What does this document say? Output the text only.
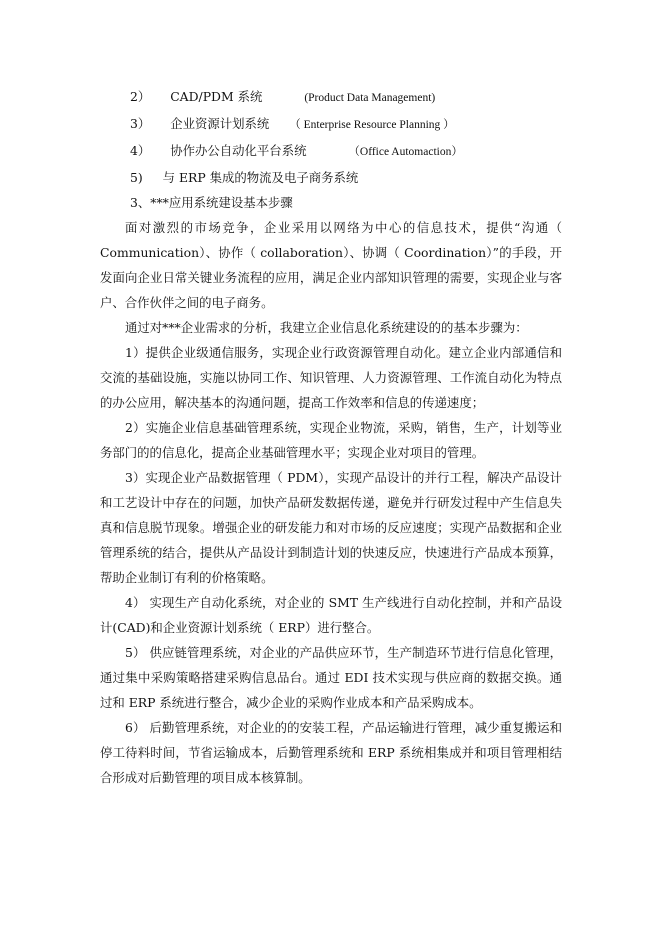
2） CAD/PDM 系统	(Product Data Management)

3） 企业资源计划系统 （ Enterprise Resource Planning ）

4） 协作办公自动化平台系统	（Office Automaction）

5) 与 ERP 集成的物流及电子商务系统

3、***应用系统建设基本步骤

面对激烈的市场竞争，企业采用以网络为中心的信息技术，提供“沟通（ Communication）、协作（ collaboration）、协调（ Coordination）”的手段，开发面向企业日常关键业务流程的应用，满足企业内部知识管理的需要，实现企业与客户、合作伙伴之间的电子商务。

通过对***企业需求的分析，我建立企业信息化系统建设的的基本步骤为：

1）提供企业级通信服务，实现企业行政资源管理自动化。建立企业内部通信和交流的基础设施，实施以协同工作、知识管理、人力资源管理、工作流自动化为特点的办公应用，解决基本的沟通问题，提高工作效率和信息的传递速度；

2）实施企业信息基础管理系统，实现企业物流，采购，销售，生产，计划等业务部门的的信息化，提高企业基础管理水平；实现企业对项目的管理。

3）实现企业产品数据管理（ PDM），实现产品设计的并行工程，解决产品设计和工艺设计中存在的问题，加快产品研发数据传递，避免并行研发过程中产生信息失真和信息脱节现象。增强企业的研发能力和对市场的反应速度；实现产品数据和企业管理系统的结合，提供从产品设计到制造计划的快速反应，快速进行产品成本预算，帮助企业制订有利的价格策略。

4） 实现生产自动化系统，对企业的 SMT 生产线进行自动化控制，并和产品设计(CAD)和企业资源计划系统（ ERP）进行整合。

5） 供应链管理系统，对企业的产品供应环节，生产制造环节进行信息化管理，通过集中采购策略搭建采购信息品台。通过 EDI 技术实现与供应商的数据交换。通过和 ERP 系统进行整合，减少企业的采购作业成本和产品采购成本。

6） 后勤管理系统，对企业的的安装工程，产品运输进行管理，减少重复搬运和停工待料时间，节省运输成本，后勤管理系统和 ERP 系统相集成并和项目管理相结合形成对后勤管理的项目成本核算制。
